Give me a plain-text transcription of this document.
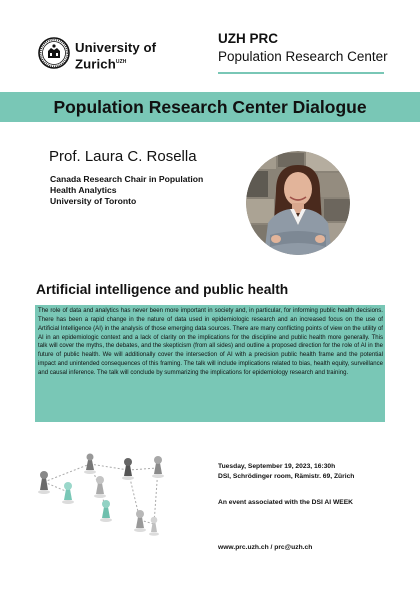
University of
Zurich$^{UZH}$
UZH PRC
Population Research Center
Population Research Center Dialogue
Prof. Laura C. Rosella
Canada Research Chair in Population
Health Analytics
University of Toronto
Artificial intelligence and public health
The role of data and analytics has never been more important in society and, in particular, for informing public health decisions. There has been a rapid change in the nature of data used in epidemiologic research and an increased focus on the use of Artificial Intelligence (AI) in the analysis of those emerging data sources. There are many conflicting points of view on the utility of AI in an epidemiologic context and a lack of clarity on the implications for the discipline and public health more generally. This talk will cover the myths, the debates, and the skepticism (from all sides) and outline a proposed direction for the role of AI in the future of public health. We will additionally cover the intersection of AI with a precision public health frame and the potential impact and unintended consequences of this framing. The talk will include implications related to bias, health equity, surveillance and causal inference. The talk will conclude by summarizing the implications for epidemiology research and training.
Tuesday, September 19, 2023, 16:30h
DSI, Schrödinger room, Rämistr. 69, Zürich
An event associated with the DSI AI WEEK
www.prc.uzh.ch / prc@uzh.ch
